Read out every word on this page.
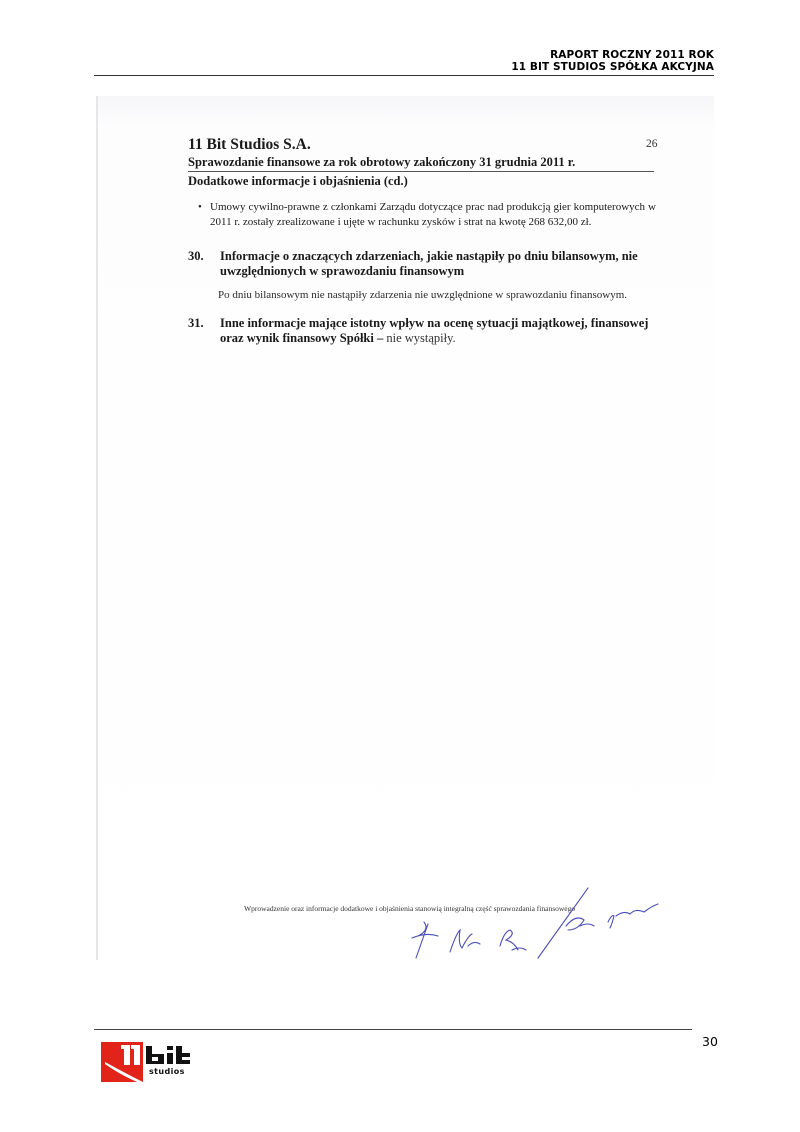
RAPORT ROCZNY 2011 ROK
11 BIT STUDIOS SPÓŁKA AKCYJNA
11 Bit Studios S.A.	26
Sprawozdanie finansowe za rok obrotowy zakończony 31 grudnia 2011 r.
Dodatkowe informacje i objaśnienia (cd.)
• Umowy cywilno-prawne z członkami Zarządu dotyczące prac nad produkcją gier komputerowych w 2011 r. zostały zrealizowane i ujęte w rachunku zysków i strat na kwotę 268 632,00 zł.
30. Informacje o znaczących zdarzeniach, jakie nastąpiły po dniu bilansowym, nie uwzględnionych w sprawozdaniu finansowym
Po dniu bilansowym nie nastąpiły zdarzenia nie uwzględnione w sprawozdaniu finansowym.
31. Inne informacje mające istotny wpływ na ocenę sytuacji majątkowej, finansowej oraz wynik finansowy Spółki – nie wystąpiły.
Wprowadzenie oraz informacje dodatkowe i objaśnienia stanowią integralną część sprawozdania finansowego
30
studios
